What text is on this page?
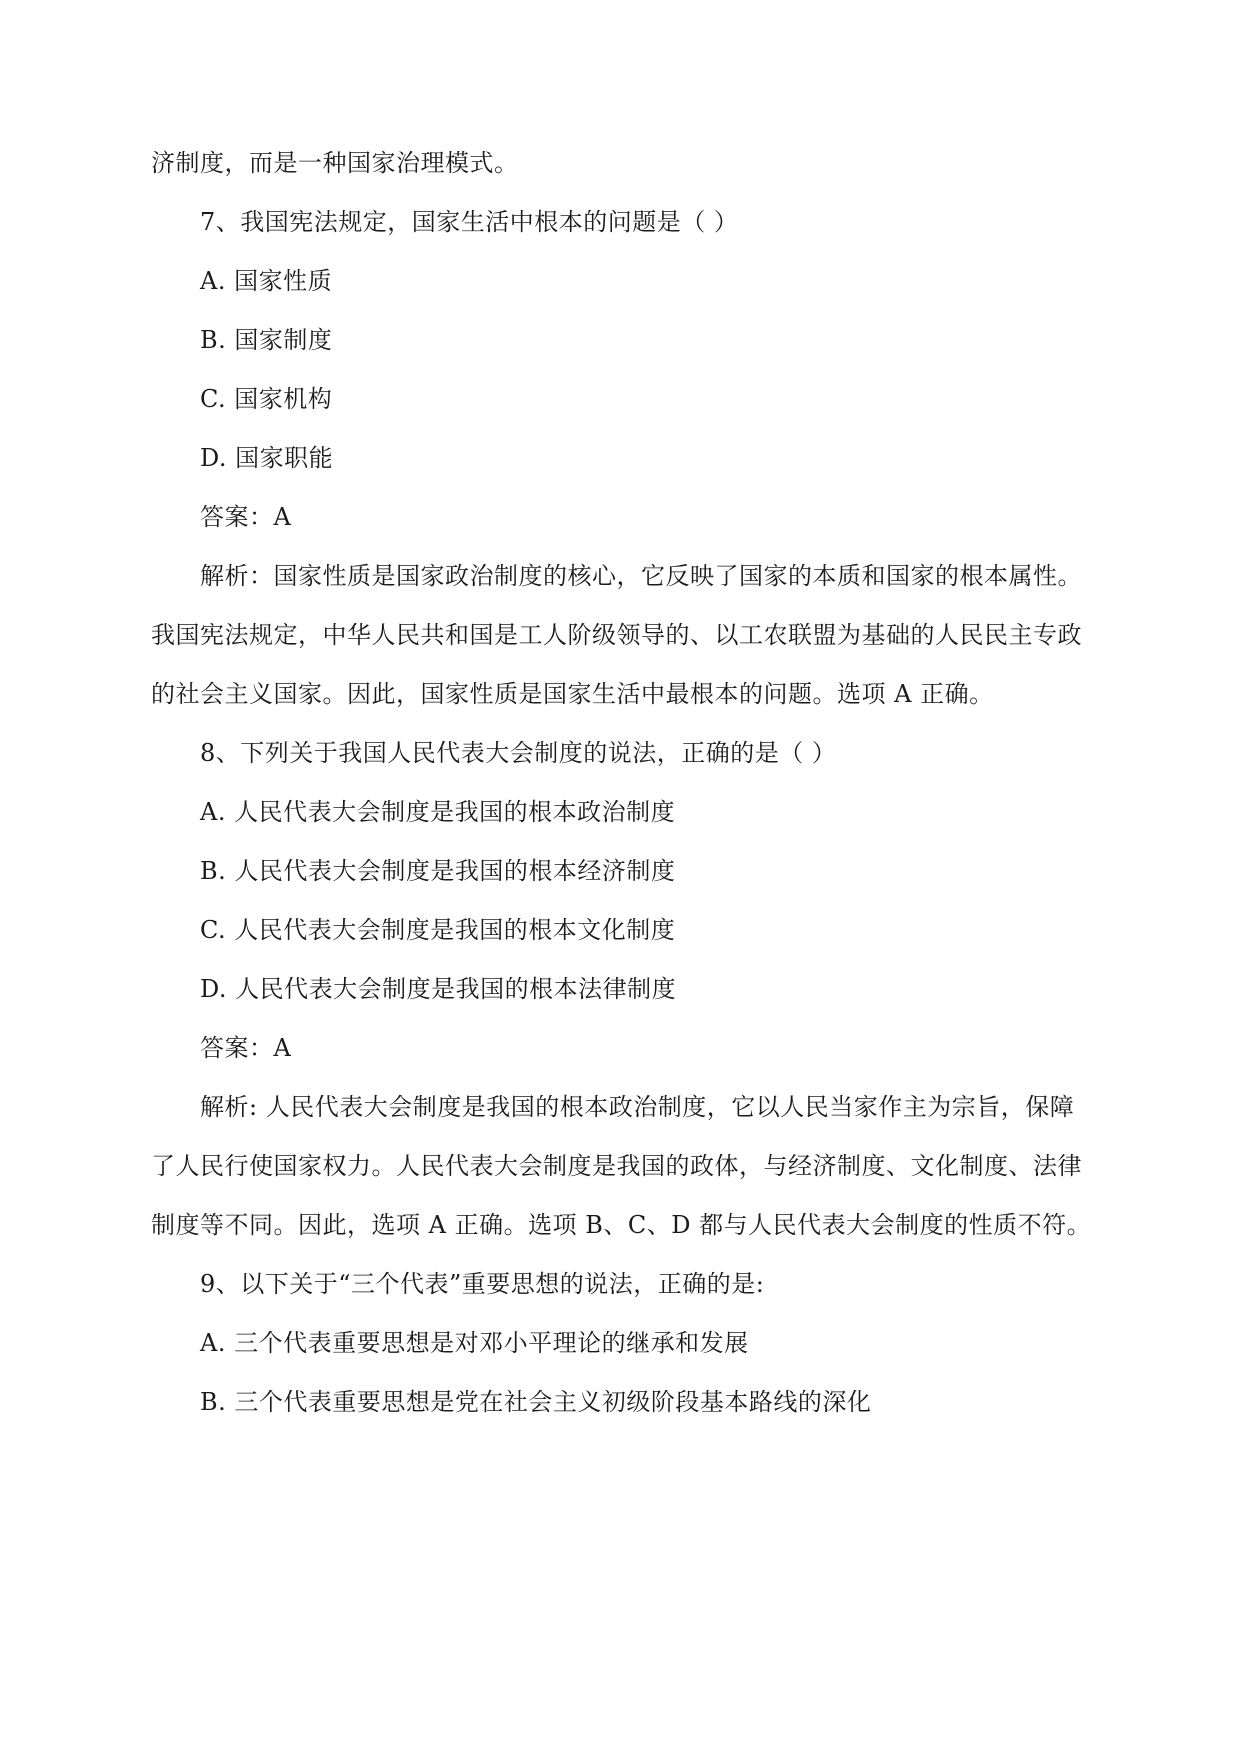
济制度，而是一种国家治理模式。
7、我国宪法规定，国家生活中根本的问题是（ ）
A. 国家性质
B. 国家制度
C. 国家机构
D. 国家职能
答案：A
解析：国家性质是国家政治制度的核心，它反映了国家的本质和国家的根本属性。
我国宪法规定，中华人民共和国是工人阶级领导的、以工农联盟为基础的人民民主专政
的社会主义国家。因此，国家性质是国家生活中最根本的问题。选项 A 正确。
8、下列关于我国人民代表大会制度的说法，正确的是（ ）
A. 人民代表大会制度是我国的根本政治制度
B. 人民代表大会制度是我国的根本经济制度
C. 人民代表大会制度是我国的根本文化制度
D. 人民代表大会制度是我国的根本法律制度
答案：A
解析: 人民代表大会制度是我国的根本政治制度，它以人民当家作主为宗旨，保障
了人民行使国家权力。人民代表大会制度是我国的政体，与经济制度、文化制度、法律
制度等不同。因此，选项 A 正确。选项 B、C、D 都与人民代表大会制度的性质不符。
9、以下关于“三个代表”重要思想的说法，正确的是:
A. 三个代表重要思想是对邓小平理论的继承和发展
B. 三个代表重要思想是党在社会主义初级阶段基本路线的深化
